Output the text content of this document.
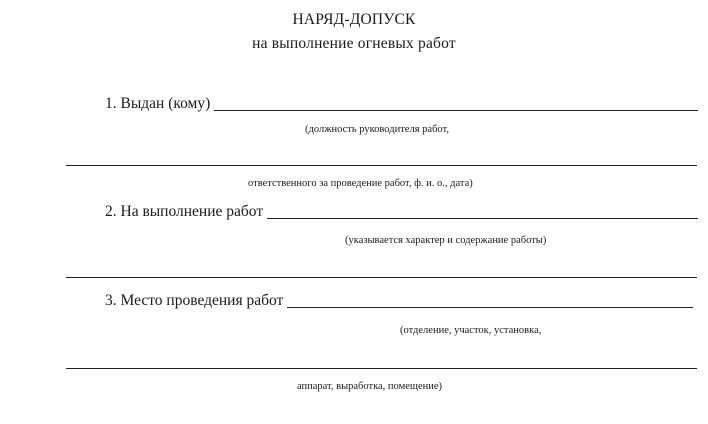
НАРЯД-ДОПУСК
на выполнение огневых работ
1. Выдан (кому)
(должность руководителя работ,
ответственного за проведение работ, ф. и. о., дата)
2. На выполнение работ
(указывается характер и содержание работы)
3. Место проведения работ
(отделение, участок, установка,
аппарат, выработка, помещение)
